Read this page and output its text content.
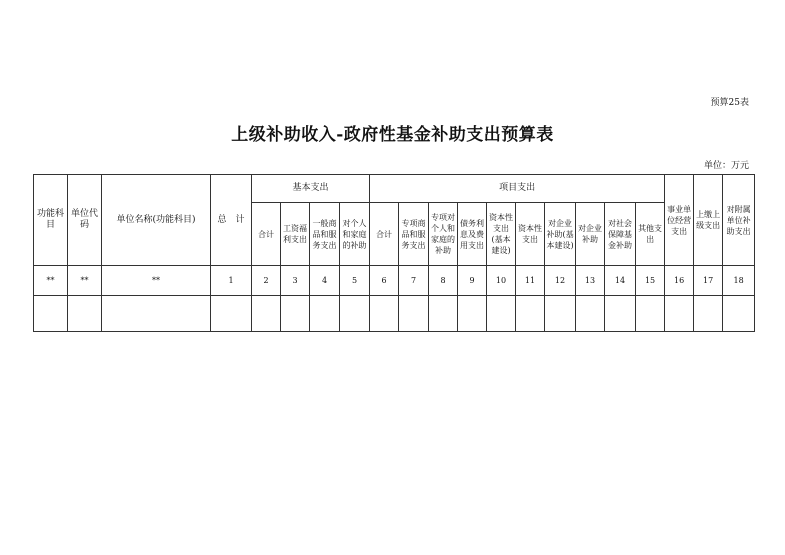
预算25表
上级补助收入-政府性基金补助支出预算表
单位：万元
功能科目	单位代码	单位名称(功能科目)	总　计	基本支出				项目支出										事业单位经营支出	上缴上级支出	对附属单位补助支出
				合计	工资福利支出	一般商品和服务支出	对个人和家庭的补助	合计	专项商品和服务支出	专项对个人和家庭的补助	债务利息及费用支出	资本性支出(基本建设)	资本性支出	对企业补助(基本建设)	对企业补助	对社会保障基金补助	其他支出			
**	**	**	1	2	3	4	5	6	7	8	9	10	11	12	13	14	15	16	17	18
